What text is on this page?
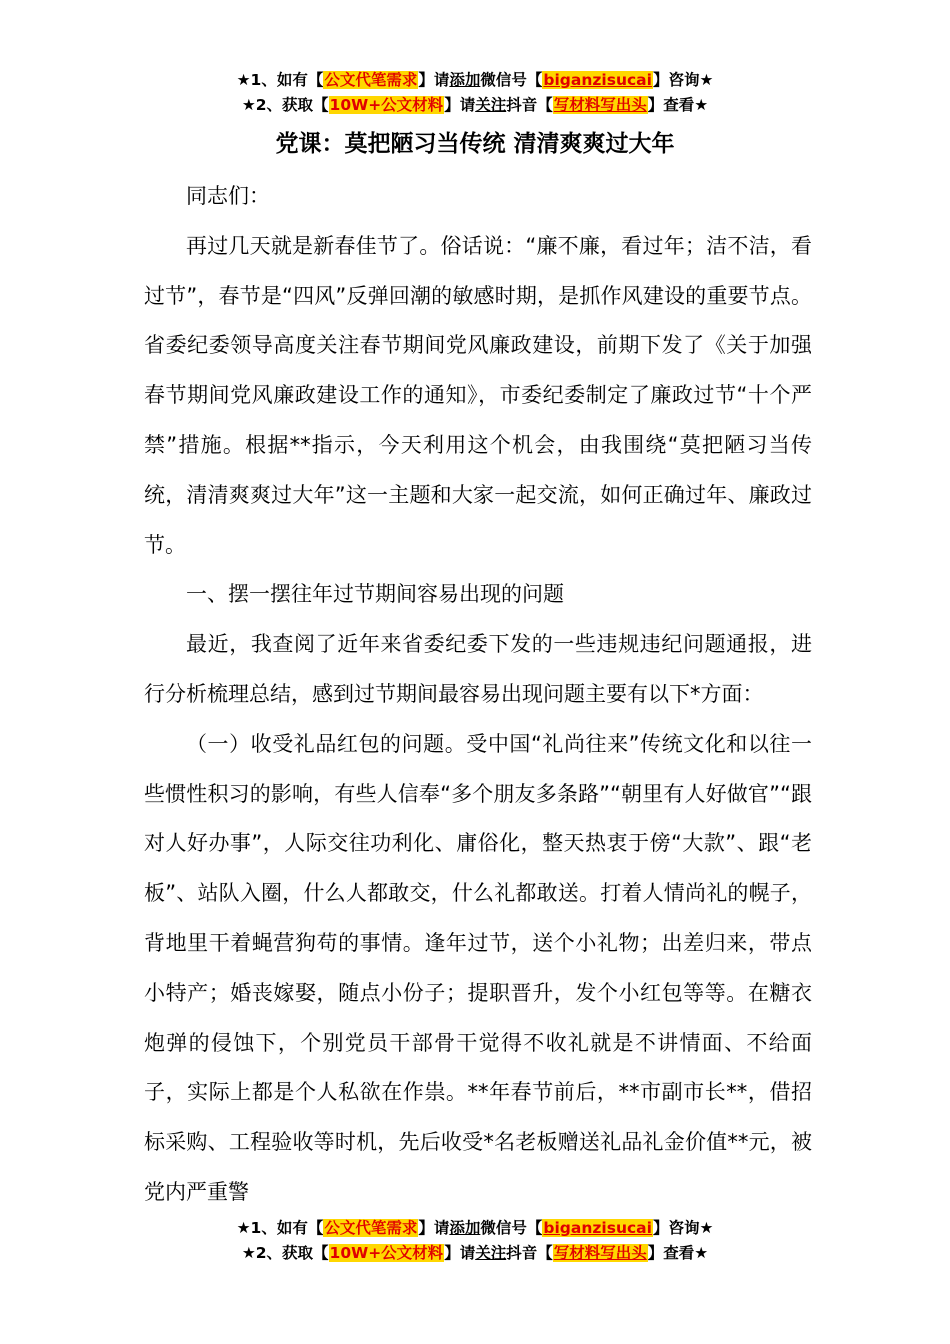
★1、如有【公文代笔需求】请添加微信号【biganzisucai】咨询★
★2、获取【10W+公文材料】请关注抖音【写材料写出头】查看★
党课：莫把陋习当传统 清清爽爽过大年

同志们：

再过几天就是新春佳节了。俗话说：“廉不廉，看过年；洁不洁，看过节”，春节是“四风”反弹回潮的敏感时期，是抓作风建设的重要节点。省委纪委领导高度关注春节期间党风廉政建设，前期下发了《关于加强春节期间党风廉政建设工作的通知》，市委纪委制定了廉政过节“十个严禁”措施。根据**指示，今天利用这个机会，由我围绕“莫把陋习当传统，清清爽爽过大年”这一主题和大家一起交流，如何正确过年、廉政过节。

一、摆一摆往年过节期间容易出现的问题

最近，我查阅了近年来省委纪委下发的一些违规违纪问题通报，进行分析梳理总结，感到过节期间最容易出现问题主要有以下*方面：

（一）收受礼品红包的问题。受中国“礼尚往来”传统文化和以往一些惯性积习的影响，有些人信奉“多个朋友多条路”“朝里有人好做官”“跟对人好办事”，人际交往功利化、庸俗化，整天热衷于傍“大款”、跟“老板”、站队入圈，什么人都敢交，什么礼都敢送。打着人情尚礼的幌子，背地里干着蝇营狗苟的事情。逢年过节，送个小礼物；出差归来，带点小特产；婚丧嫁娶，随点小份子；提职晋升，发个小红包等等。在糖衣炮弹的侵蚀下，个别党员干部骨干觉得不收礼就是不讲情面、不给面子，实际上都是个人私欲在作祟。**年春节前后，**市副市长**，借招标采购、工程验收等时机，先后收受*名老板赠送礼品礼金价值**元，被党内严重警

★1、如有【公文代笔需求】请添加微信号【biganzisucai】咨询★
★2、获取【10W+公文材料】请关注抖音【写材料写出头】查看★
